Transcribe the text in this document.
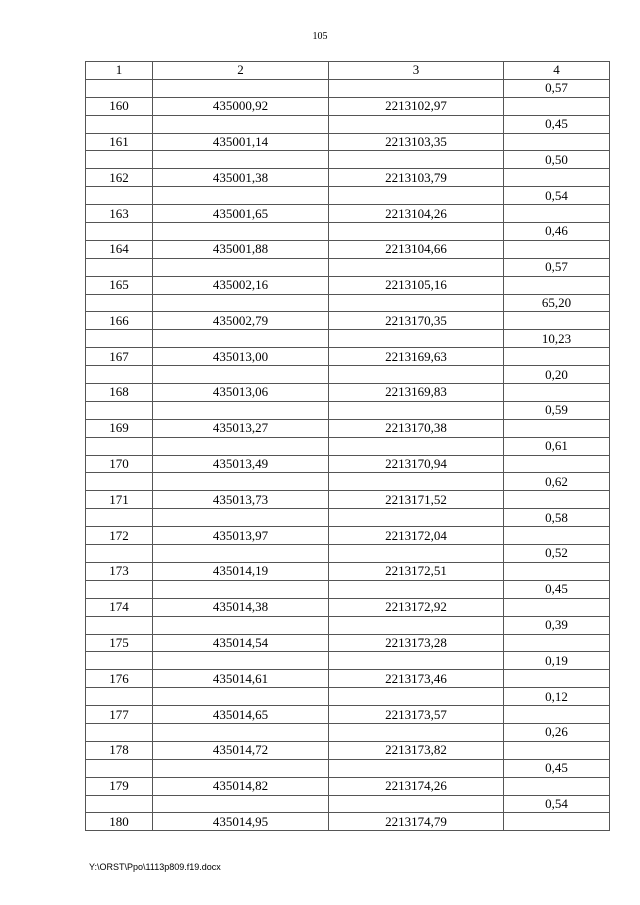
105
1	2	3	4
			0,57
160	435000,92	2213102,97	
			0,45
161	435001,14	2213103,35	
			0,50
162	435001,38	2213103,79	
			0,54
163	435001,65	2213104,26	
			0,46
164	435001,88	2213104,66	
			0,57
165	435002,16	2213105,16	
			65,20
166	435002,79	2213170,35	
			10,23
167	435013,00	2213169,63	
			0,20
168	435013,06	2213169,83	
			0,59
169	435013,27	2213170,38	
			0,61
170	435013,49	2213170,94	
			0,62
171	435013,73	2213171,52	
			0,58
172	435013,97	2213172,04	
			0,52
173	435014,19	2213172,51	
			0,45
174	435014,38	2213172,92	
			0,39
175	435014,54	2213173,28	
			0,19
176	435014,61	2213173,46	
			0,12
177	435014,65	2213173,57	
			0,26
178	435014,72	2213173,82	
			0,45
179	435014,82	2213174,26	
			0,54
180	435014,95	2213174,79	
Y:\ORST\Ppo\1113p809.f19.docx
